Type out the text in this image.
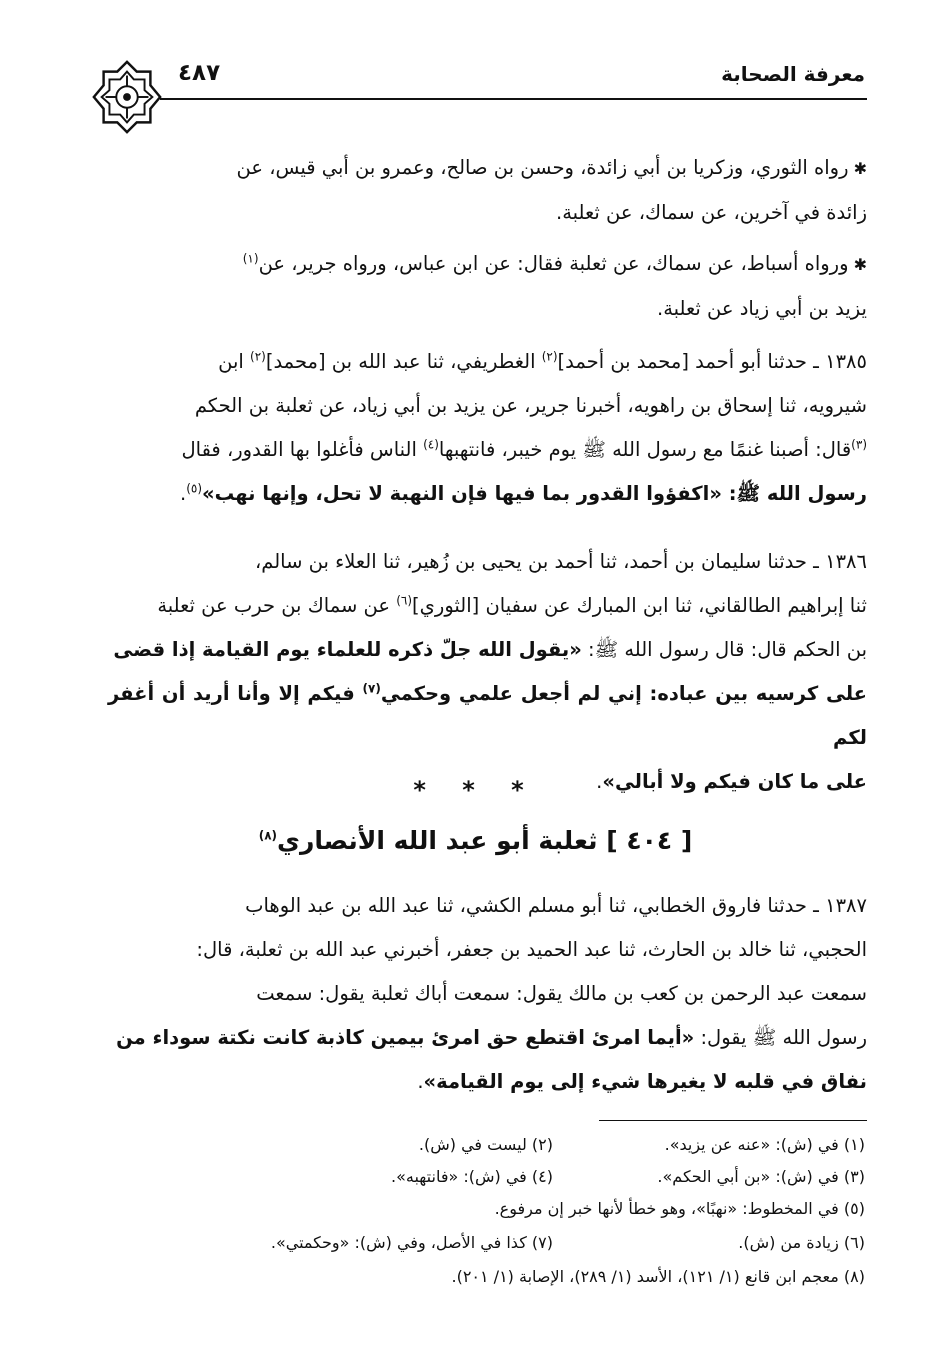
معرفة الصحابة
٤٨٧
✱ رواه الثوري، وزكريا بن أبي زائدة، وحسن بن صالح، وعمرو بن أبي قيس، عن
زائدة في آخرين، عن سماك، عن ثعلبة.
✱ ورواه أسباط، عن سماك، عن ثعلبة فقال: عن ابن عباس، ورواه جرير، عن$^{(١)}$
يزيد بن أبي زياد عن ثعلبة.
١٣٨٥ ـ حدثنا أبو أحمد [محمد بن أحمد]$^{(٢)}$ الغطريفي، ثنا عبد الله بن [محمد]$^{(٢)}$ ابن
شيرويه، ثنا إسحاق بن راهويه، أخبرنا جرير، عن يزيد بن أبي زياد، عن ثعلبة بن الحكم
$^{(٣)}$قال: أصبنا غنمًا مع رسول الله ﷺ يوم خيبر، فانتهبها$^{(٤)}$ الناس فأغلوا بها القدور، فقال
رسول الله ﷺ: «اكفؤوا القدور بما فيها فإن النهبة لا تحل، وإنها نهب»$^{(٥)}$.
١٣٨٦ ـ حدثنا سليمان بن أحمد، ثنا أحمد بن يحيى بن زُهير، ثنا العلاء بن سالم،
ثنا إبراهيم الطالقاني، ثنا ابن المبارك عن سفيان [الثوري]$^{(٦)}$ عن سماك بن حرب عن ثعلبة
بن الحكم قال: قال رسول الله ﷺ: «يقول الله جلّ ذكره للعلماء يوم القيامة إذا قضى
على كرسيه بين عباده: إني لم أجعل علمي وحكمي$^{(٧)}$ فيكم إلا وأنا أريد أن أغفر لكم
على ما كان فيكم ولا أبالي».
* * *
[ ٤٠٤ ] ثعلبة أبو عبد الله الأنصاري$^{(٨)}$
١٣٨٧ ـ حدثنا فاروق الخطابي، ثنا أبو مسلم الكشي، ثنا عبد الله بن عبد الوهاب
الحجبي، ثنا خالد بن الحارث، ثنا عبد الحميد بن جعفر، أخبرني عبد الله بن ثعلبة، قال:
سمعت عبد الرحمن بن كعب بن مالك يقول: سمعت أباك ثعلبة يقول: سمعت
رسول الله ﷺ يقول: «أيما امرئ اقتطع حق امرئ بيمين كاذبة كانت نكتة سوداء من
نفاق في قلبه لا يغيرها شيء إلى يوم القيامة».
(١) في (ش): «عنه عن يزيد».
(٢) ليست في (ش).
(٣) في (ش): «بن أبي الحكم».
(٤) في (ش): «فانتهبه».
(٥) في المخطوط: «نهبًا»، وهو خطأ لأنها خبر إن مرفوع.
(٦) زيادة من (ش).
(٧) كذا في الأصل، وفي (ش): «وحكمتي».
(٨) معجم ابن قانع (١/ ١٢١)، الأسد (١/ ٢٨٩)، الإصابة (١/ ٢٠١).
